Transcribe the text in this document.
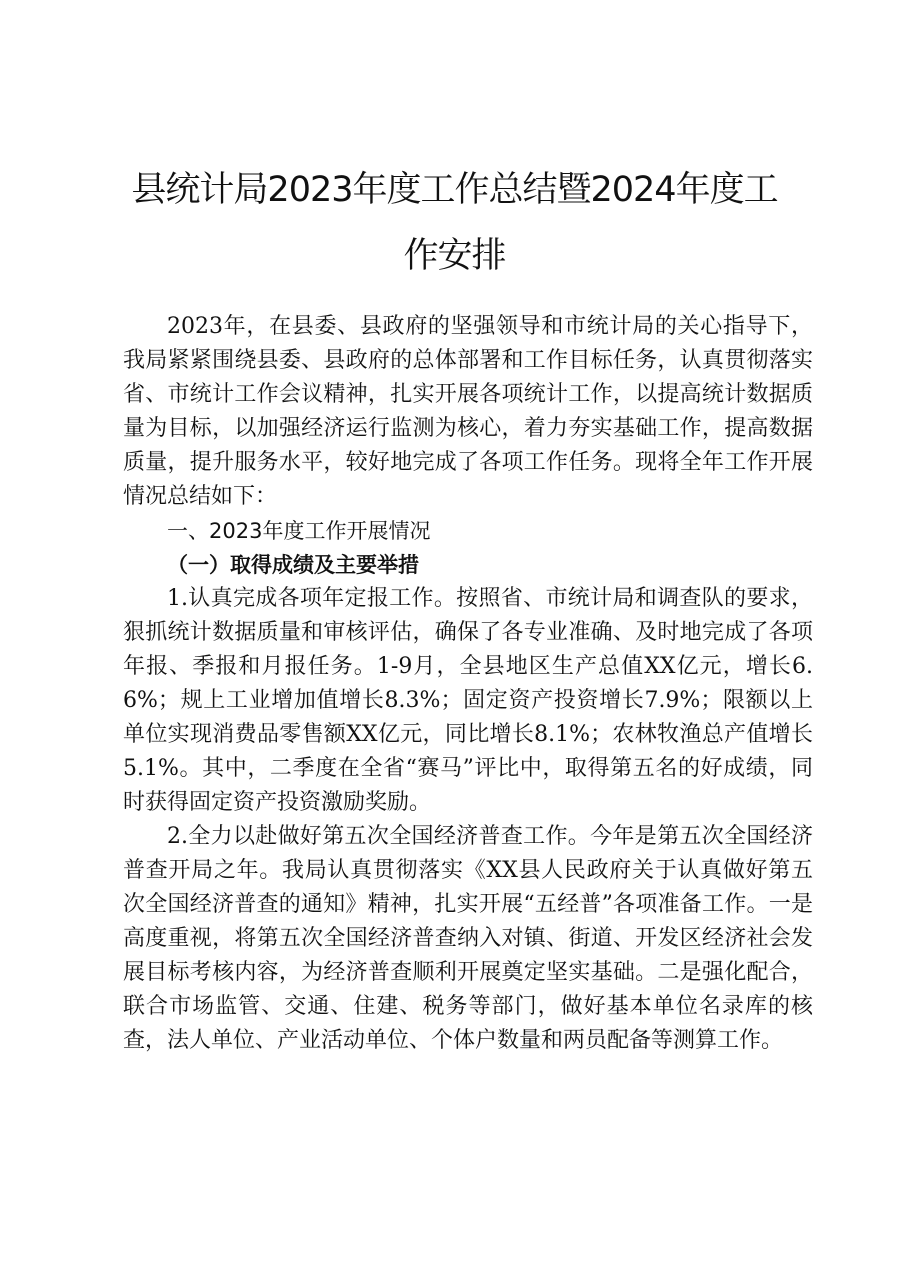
县统计局2023年度工作总结暨2024年度工
作安排

2023年，在县委、县政府的坚强领导和市统计局的关心指导下，我局紧紧围绕县委、县政府的总体部署和工作目标任务，认真贯彻落实省、市统计工作会议精神，扎实开展各项统计工作，以提高统计数据质量为目标，以加强经济运行监测为核心，着力夯实基础工作，提高数据质量，提升服务水平，较好地完成了各项工作任务。现将全年工作开展情况总结如下：

一、2023年度工作开展情况

（一）取得成绩及主要举措

1.认真完成各项年定报工作。按照省、市统计局和调查队的要求，狠抓统计数据质量和审核评估，确保了各专业准确、及时地完成了各项年报、季报和月报任务。1-9月，全县地区生产总值XX亿元，增长6.6%；规上工业增加值增长8.3%；固定资产投资增长7.9%；限额以上单位实现消费品零售额XX亿元，同比增长8.1%；农林牧渔总产值增长5.1%。其中，二季度在全省“赛马”评比中，取得第五名的好成绩，同时获得固定资产投资激励奖励。

2.全力以赴做好第五次全国经济普查工作。今年是第五次全国经济普查开局之年。我局认真贯彻落实《XX县人民政府关于认真做好第五次全国经济普查的通知》精神，扎实开展“五经普”各项准备工作。一是高度重视，将第五次全国经济普查纳入对镇、街道、开发区经济社会发展目标考核内容，为经济普查顺利开展奠定坚实基础。二是强化配合，联合市场监管、交通、住建、税务等部门，做好基本单位名录库的核查，法人单位、产业活动单位、个体户数量和两员配备等测算工作。
